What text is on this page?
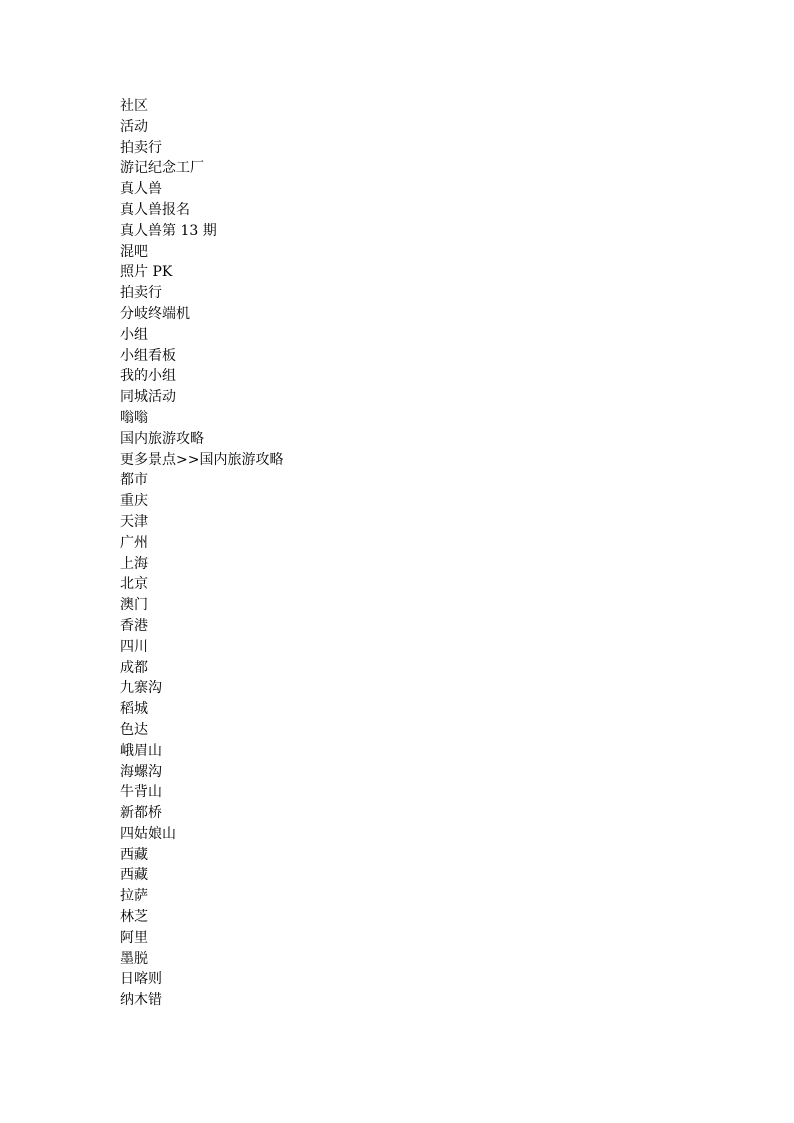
社区
活动
拍卖行
游记纪念工厂
真人兽
真人兽报名
真人兽第 13 期
混吧
照片 PK
拍卖行
分岐终端机
小组
小组看板
我的小组
同城活动
嗡嗡
国内旅游攻略
更多景点>>国内旅游攻略
都市
重庆
天津
广州
上海
北京
澳门
香港
四川
成都
九寨沟
稻城
色达
峨眉山
海螺沟
牛背山
新都桥
四姑娘山
西藏
西藏
拉萨
林芝
阿里
墨脱
日喀则
纳木错
